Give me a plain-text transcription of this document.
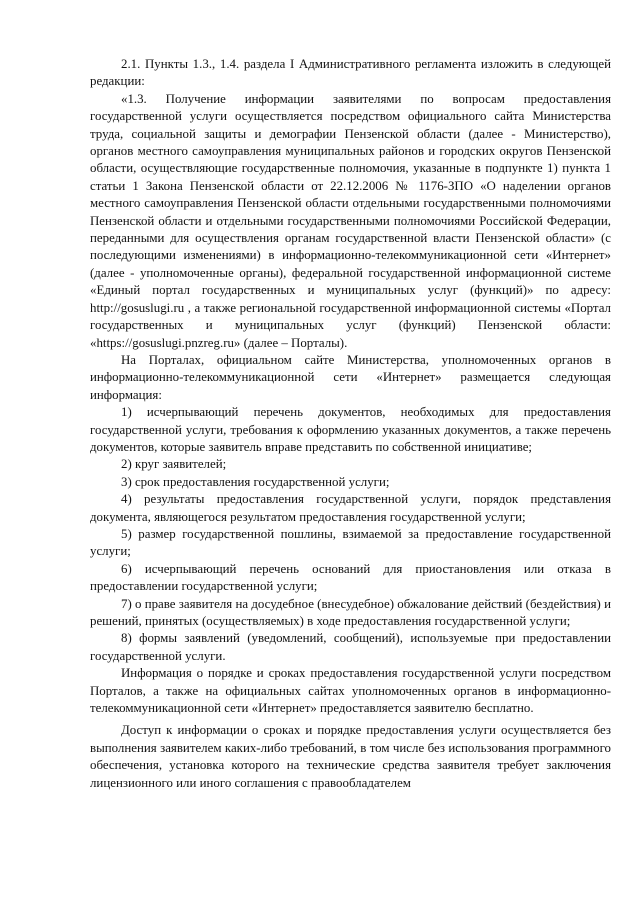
2.1. Пункты 1.3., 1.4. раздела I Административного регламента изложить в следующей редакции:

«1.3. Получение информации заявителями по вопросам предоставления государственной услуги осуществляется посредством официального сайта Министерства труда, социальной защиты и демографии Пензенской области (далее - Министерство), органов местного самоуправления муниципальных районов и городских округов Пензенской области, осуществляющие государственные полномочия, указанные в подпункте 1) пункта 1 статьи 1 Закона Пензенской области от 22.12.2006 № 1176-ЗПО «О наделении органов местного самоуправления Пензенской области отдельными государственными полномочиями Пензенской области и отдельными государственными полномочиями Российской Федерации, переданными для осуществления органам государственной власти Пензенской области» (с последующими изменениями) в информационно-телекоммуникационной сети «Интернет» (далее - уполномоченные органы), федеральной государственной информационной системе «Единый портал государственных и муниципальных услуг (функций)» по адресу: http://gosuslugi.ru , а также региональной государственной информационной системы «Портал государственных и муниципальных услуг (функций) Пензенской области: «https://gosuslugi.pnzreg.ru» (далее – Порталы).

На Порталах, официальном сайте Министерства, уполномоченных органов в информационно-телекоммуникационной сети «Интернет» размещается следующая информация:

1) исчерпывающий перечень документов, необходимых для предоставления государственной услуги, требования к оформлению указанных документов, а также перечень документов, которые заявитель вправе представить по собственной инициативе;

2) круг заявителей;

3) срок предоставления государственной услуги;

4) результаты предоставления государственной услуги, порядок представления документа, являющегося результатом предоставления государственной услуги;

5) размер государственной пошлины, взимаемой за предоставление государственной услуги;

6) исчерпывающий перечень оснований для приостановления или отказа в предоставлении государственной услуги;

7) о праве заявителя на досудебное (внесудебное) обжалование действий (бездействия) и решений, принятых (осуществляемых) в ходе предоставления государственной услуги;

8) формы заявлений (уведомлений, сообщений), используемые при предоставлении государственной услуги.

Информация о порядке и сроках предоставления государственной услуги посредством Порталов, а также на официальных сайтах уполномоченных органов в информационно-телекоммуникационной сети «Интернет» предоставляется заявителю бесплатно.

Доступ к информации о сроках и порядке предоставления услуги осуществляется без выполнения заявителем каких-либо требований, в том числе без использования программного обеспечения, установка которого на технические средства заявителя требует заключения лицензионного или иного соглашения с правообладателем
